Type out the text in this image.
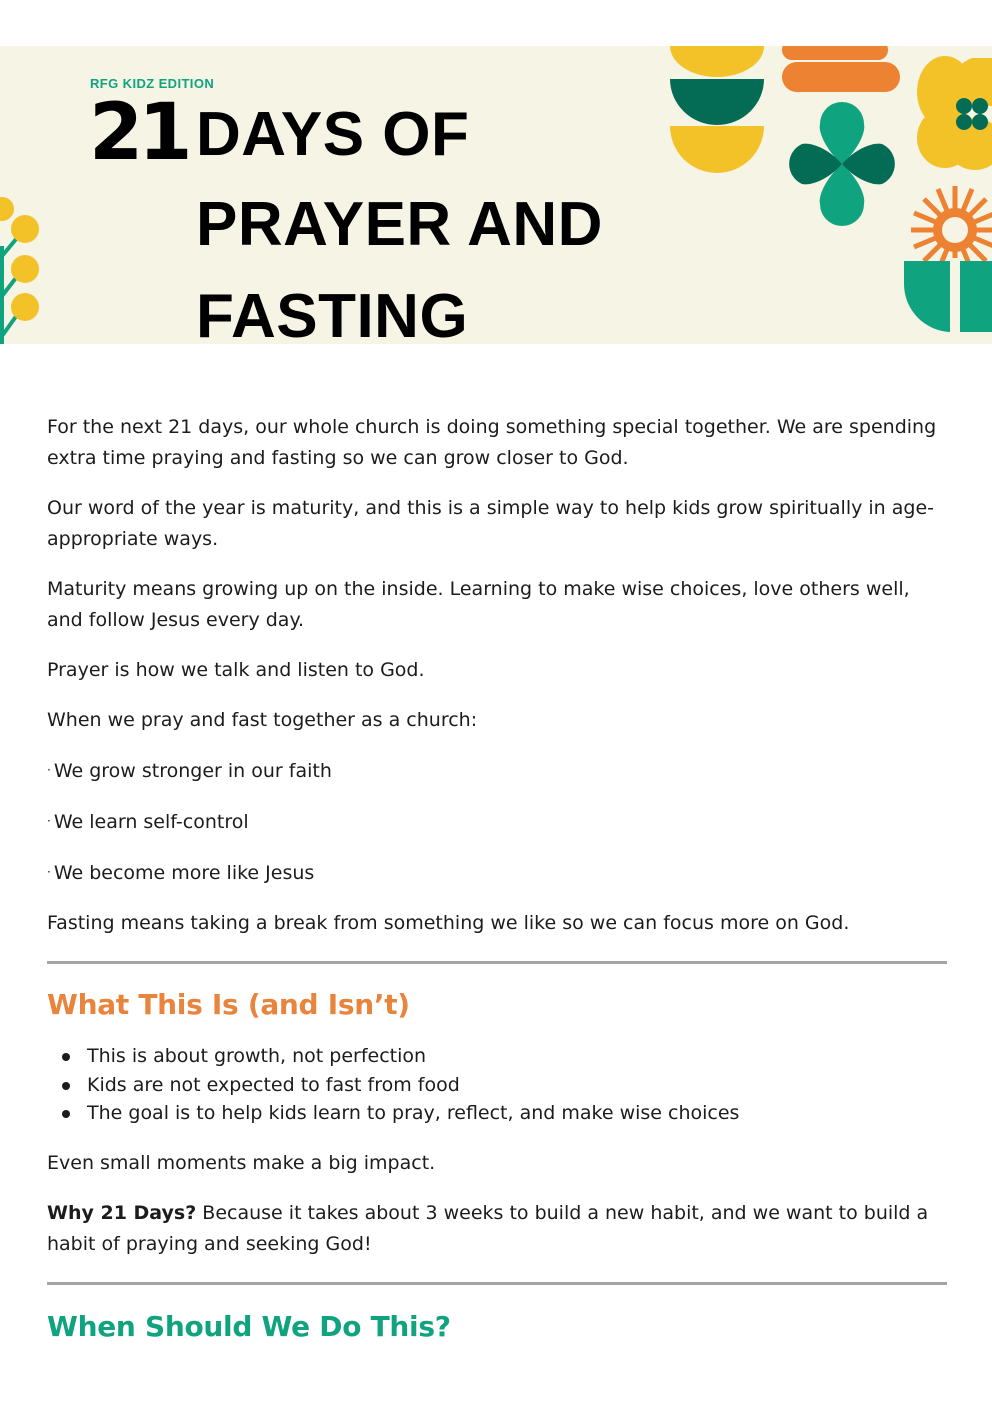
RFG KIDZ EDITION
21 DAYS OF
PRAYER AND
FASTING

For the next 21 days, our whole church is doing something special together. We are spending extra time praying and fasting so we can grow closer to God.

Our word of the year is maturity, and this is a simple way to help kids grow spiritually in age-appropriate ways.

Maturity means growing up on the inside. Learning to make wise choices, love others well, and follow Jesus every day.

Prayer is how we talk and listen to God.

When we pray and fast together as a church:

· We grow stronger in our faith

· We learn self-control

· We become more like Jesus

Fasting means taking a break from something we like so we can focus more on God.

What This Is (and Isn’t)
This is about growth, not perfection
Kids are not expected to fast from food
The goal is to help kids learn to pray, reflect, and make wise choices

Even small moments make a big impact.

Why 21 Days? Because it takes about 3 weeks to build a new habit, and we want to build a habit of praying and seeking God!

When Should We Do This?
